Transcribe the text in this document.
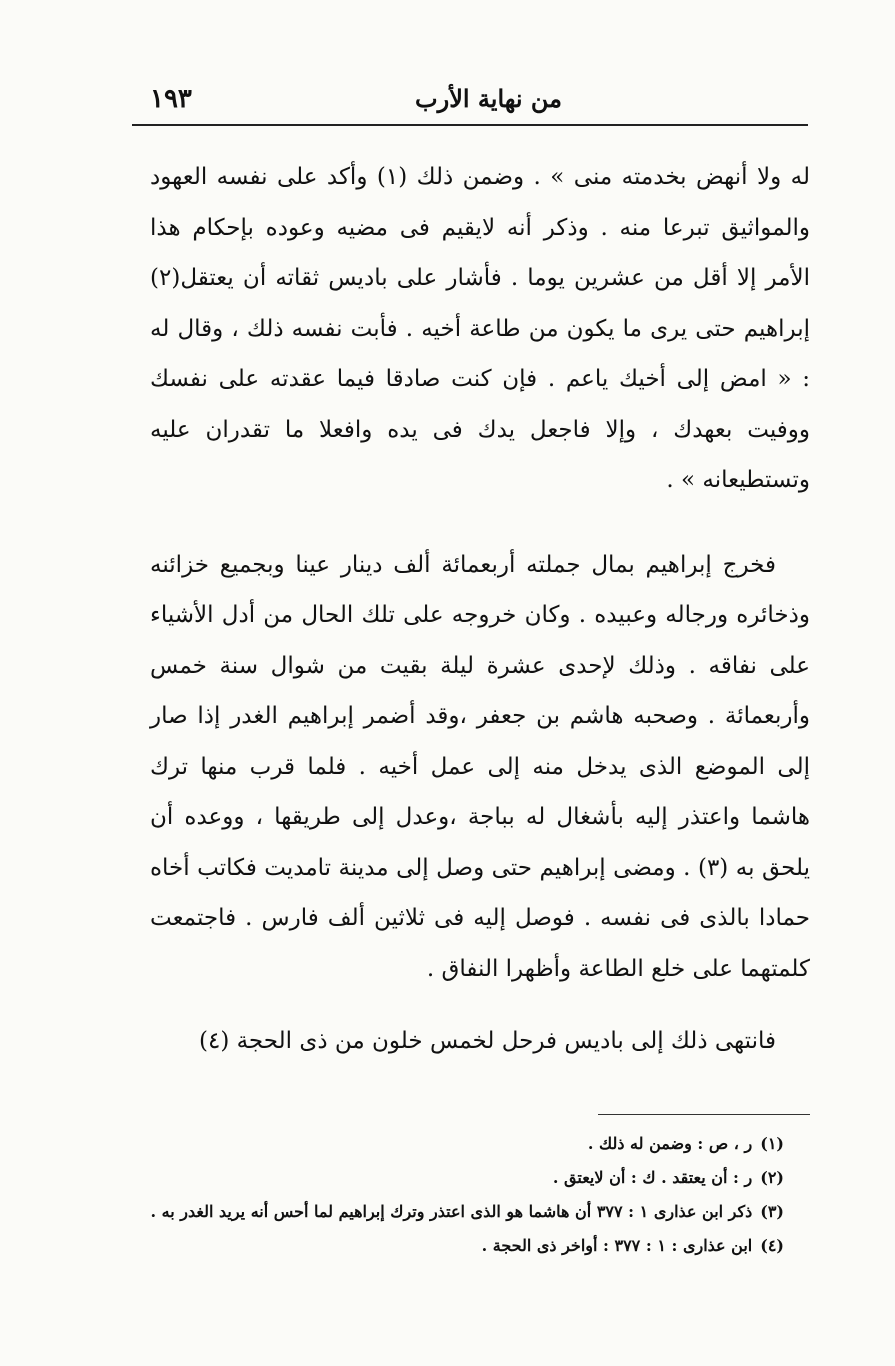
من نهاية الأرب
١٩٣

له ولا أنهض بخدمته منى » . وضمن ذلك (١) وأكد على نفسه العهود والمواثيق تبرعا منه . وذكر أنه لايقيم فى مضيه وعوده بإحكام هذا الأمر إلا أقل من عشرين يوما . فأشار على باديس ثقاته أن يعتقل(٢) إبراهيم حتى يرى ما يكون من طاعة أخيه . فأبت نفسه ذلك ، وقال له : « امض إلى أخيك ياعم . فإن كنت صادقا فيما عقدته على نفسك ووفيت بعهدك ، وإلا فاجعل يدك فى يده وافعلا ما تقدران عليه وتستطيعانه » .

فخرج إبراهيم بمال جملته أربعمائة ألف دينار عينا وبجميع خزائنه وذخائره ورجاله وعبيده . وكان خروجه على تلك الحال من أدل الأشياء على نفاقه . وذلك لإحدى عشرة ليلة بقيت من شوال سنة خمس وأربعمائة . وصحبه هاشم بن جعفر ،وقد أضمر إبراهيم الغدر إذا صار إلى الموضع الذى يدخل منه إلى عمل أخيه . فلما قرب منها ترك هاشما واعتذر إليه بأشغال له بباجة ،وعدل إلى طريقها ، ووعده أن يلحق به (٣) . ومضى إبراهيم حتى وصل إلى مدينة تامديت فكاتب أخاه حمادا بالذى فى نفسه . فوصل إليه فى ثلاثين ألف فارس . فاجتمعت كلمتهما على خلع الطاعة وأظهرا النفاق .

فانتهى ذلك إلى باديس فرحل لخمس خلون من ذى الحجة (٤)

(١)ر ، ص : وضمن له ذلك .

(٢)ر : أن يعتقد . ك : أن لايعتق .

(٣)ذكر ابن عذارى ١ : ٣٧٧ أن هاشما هو الذى اعتذر وترك إبراهيم لما أحس أنه يريد الغدر به .

(٤)ابن عذارى : ١ : ٣٧٧ : أواخر ذى الحجة .
